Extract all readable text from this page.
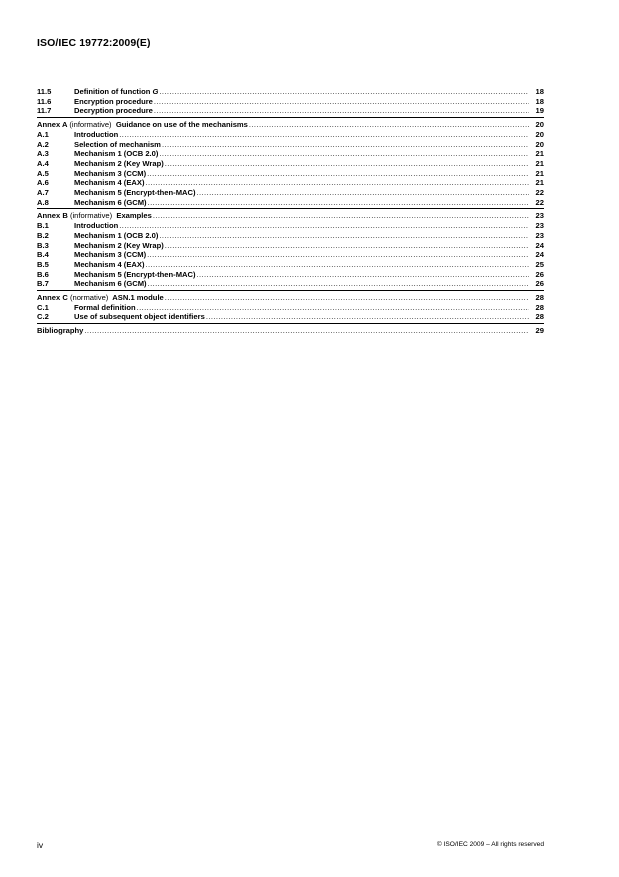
ISO/IEC 19772:2009(E)
11.5	Definition of function G .....	18
11.6	Encryption procedure .....	18
11.7	Decryption procedure .....	19
Annex A (informative) Guidance on use of the mechanisms .....	20
A.1	Introduction .....	20
A.2	Selection of mechanism .....	20
A.3	Mechanism 1 (OCB 2.0) .....	21
A.4	Mechanism 2 (Key Wrap) .....	21
A.5	Mechanism 3 (CCM) .....	21
A.6	Mechanism 4 (EAX) .....	21
A.7	Mechanism 5 (Encrypt-then-MAC) .....	22
A.8	Mechanism 6 (GCM) .....	22
Annex B (informative) Examples .....	23
B.1	Introduction .....	23
B.2	Mechanism 1 (OCB 2.0) .....	23
B.3	Mechanism 2 (Key Wrap) .....	24
B.4	Mechanism 3 (CCM) .....	24
B.5	Mechanism 4 (EAX) .....	25
B.6	Mechanism 5 (Encrypt-then-MAC) .....	26
B.7	Mechanism 6 (GCM) .....	26
Annex C (normative) ASN.1 module .....	28
C.1	Formal definition .....	28
C.2	Use of subsequent object identifiers .....	28
Bibliography .....	29
iv	© ISO/IEC 2009 – All rights reserved
